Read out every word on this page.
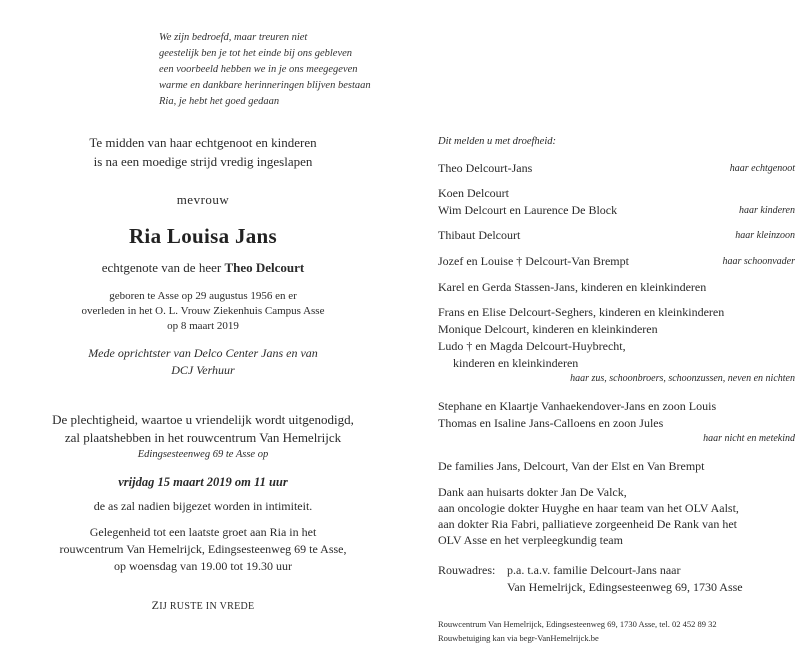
We zijn bedroefd, maar treuren niet
geestelijk ben je tot het einde bij ons gebleven
een voorbeeld hebben we in je ons meegegeven
warme en dankbare herinneringen blijven bestaan
Ria, je hebt het goed gedaan
Te midden van haar echtgenoot en kinderen
is na een moedige strijd vredig ingeslapen
mevrouw
Ria Louisa Jans
echtgenote van de heer Theo Delcourt
geboren te Asse op 29 augustus 1956 en er
overleden in het O. L. Vrouw Ziekenhuis Campus Asse
op 8 maart 2019
Mede oprichtster van Delco Center Jans en van
DCJ Verhuur
De plechtigheid, waartoe u vriendelijk wordt uitgenodigd,
zal plaatshebben in het rouwcentrum Van Hemelrijck
Edingsesteenweg 69 te Asse op
vrijdag 15 maart 2019 om 11 uur
de as zal nadien bijgezet worden in intimiteit.
Gelegenheid tot een laatste groet aan Ria in het
rouwcentrum Van Hemelrijck, Edingsesteenweg 69 te Asse,
op woensdag van 19.00 tot 19.30 uur
ZIJ RUSTE IN VREDE
Dit melden u met droefheid:
Theo Delcourt-Jans	haar echtgenoot
Koen Delcourt
Wim Delcourt en Laurence De Block	haar kinderen
Thibaut Delcourt	haar kleinzoon
Jozef en Louise † Delcourt-Van Brempt	haar schoonvader
Karel en Gerda Stassen-Jans, kinderen en kleinkinderen
Frans en Elise Delcourt-Seghers, kinderen en kleinkinderen
Monique Delcourt, kinderen en kleinkinderen
Ludo † en Magda Delcourt-Huybrecht,
kinderen en kleinkinderen
haar zus, schoonbroers, schoonzussen, neven en nichten
Stephane en Klaartje Vanhaekendover-Jans en zoon Louis
Thomas en Isaline Jans-Calloens en zoon Jules
haar nicht en metekind
De families Jans, Delcourt, Van der Elst en Van Brempt
Dank aan huisarts dokter Jan De Valck,
aan oncologie dokter Huyghe en haar team van het OLV Aalst,
aan dokter Ria Fabri, palliatieve zorgeenheid De Rank van het
OLV Asse en het verpleegkundig team
Rouwadres: p.a. t.a.v. familie Delcourt-Jans naar
Van Hemelrijck, Edingsesteenweg 69, 1730 Asse
Rouwcentrum Van Hemelrijck, Edingsesteenweg 69, 1730 Asse, tel. 02 452 89 32
Rouwbetuiging kan via begr-VanHemelrijck.be
